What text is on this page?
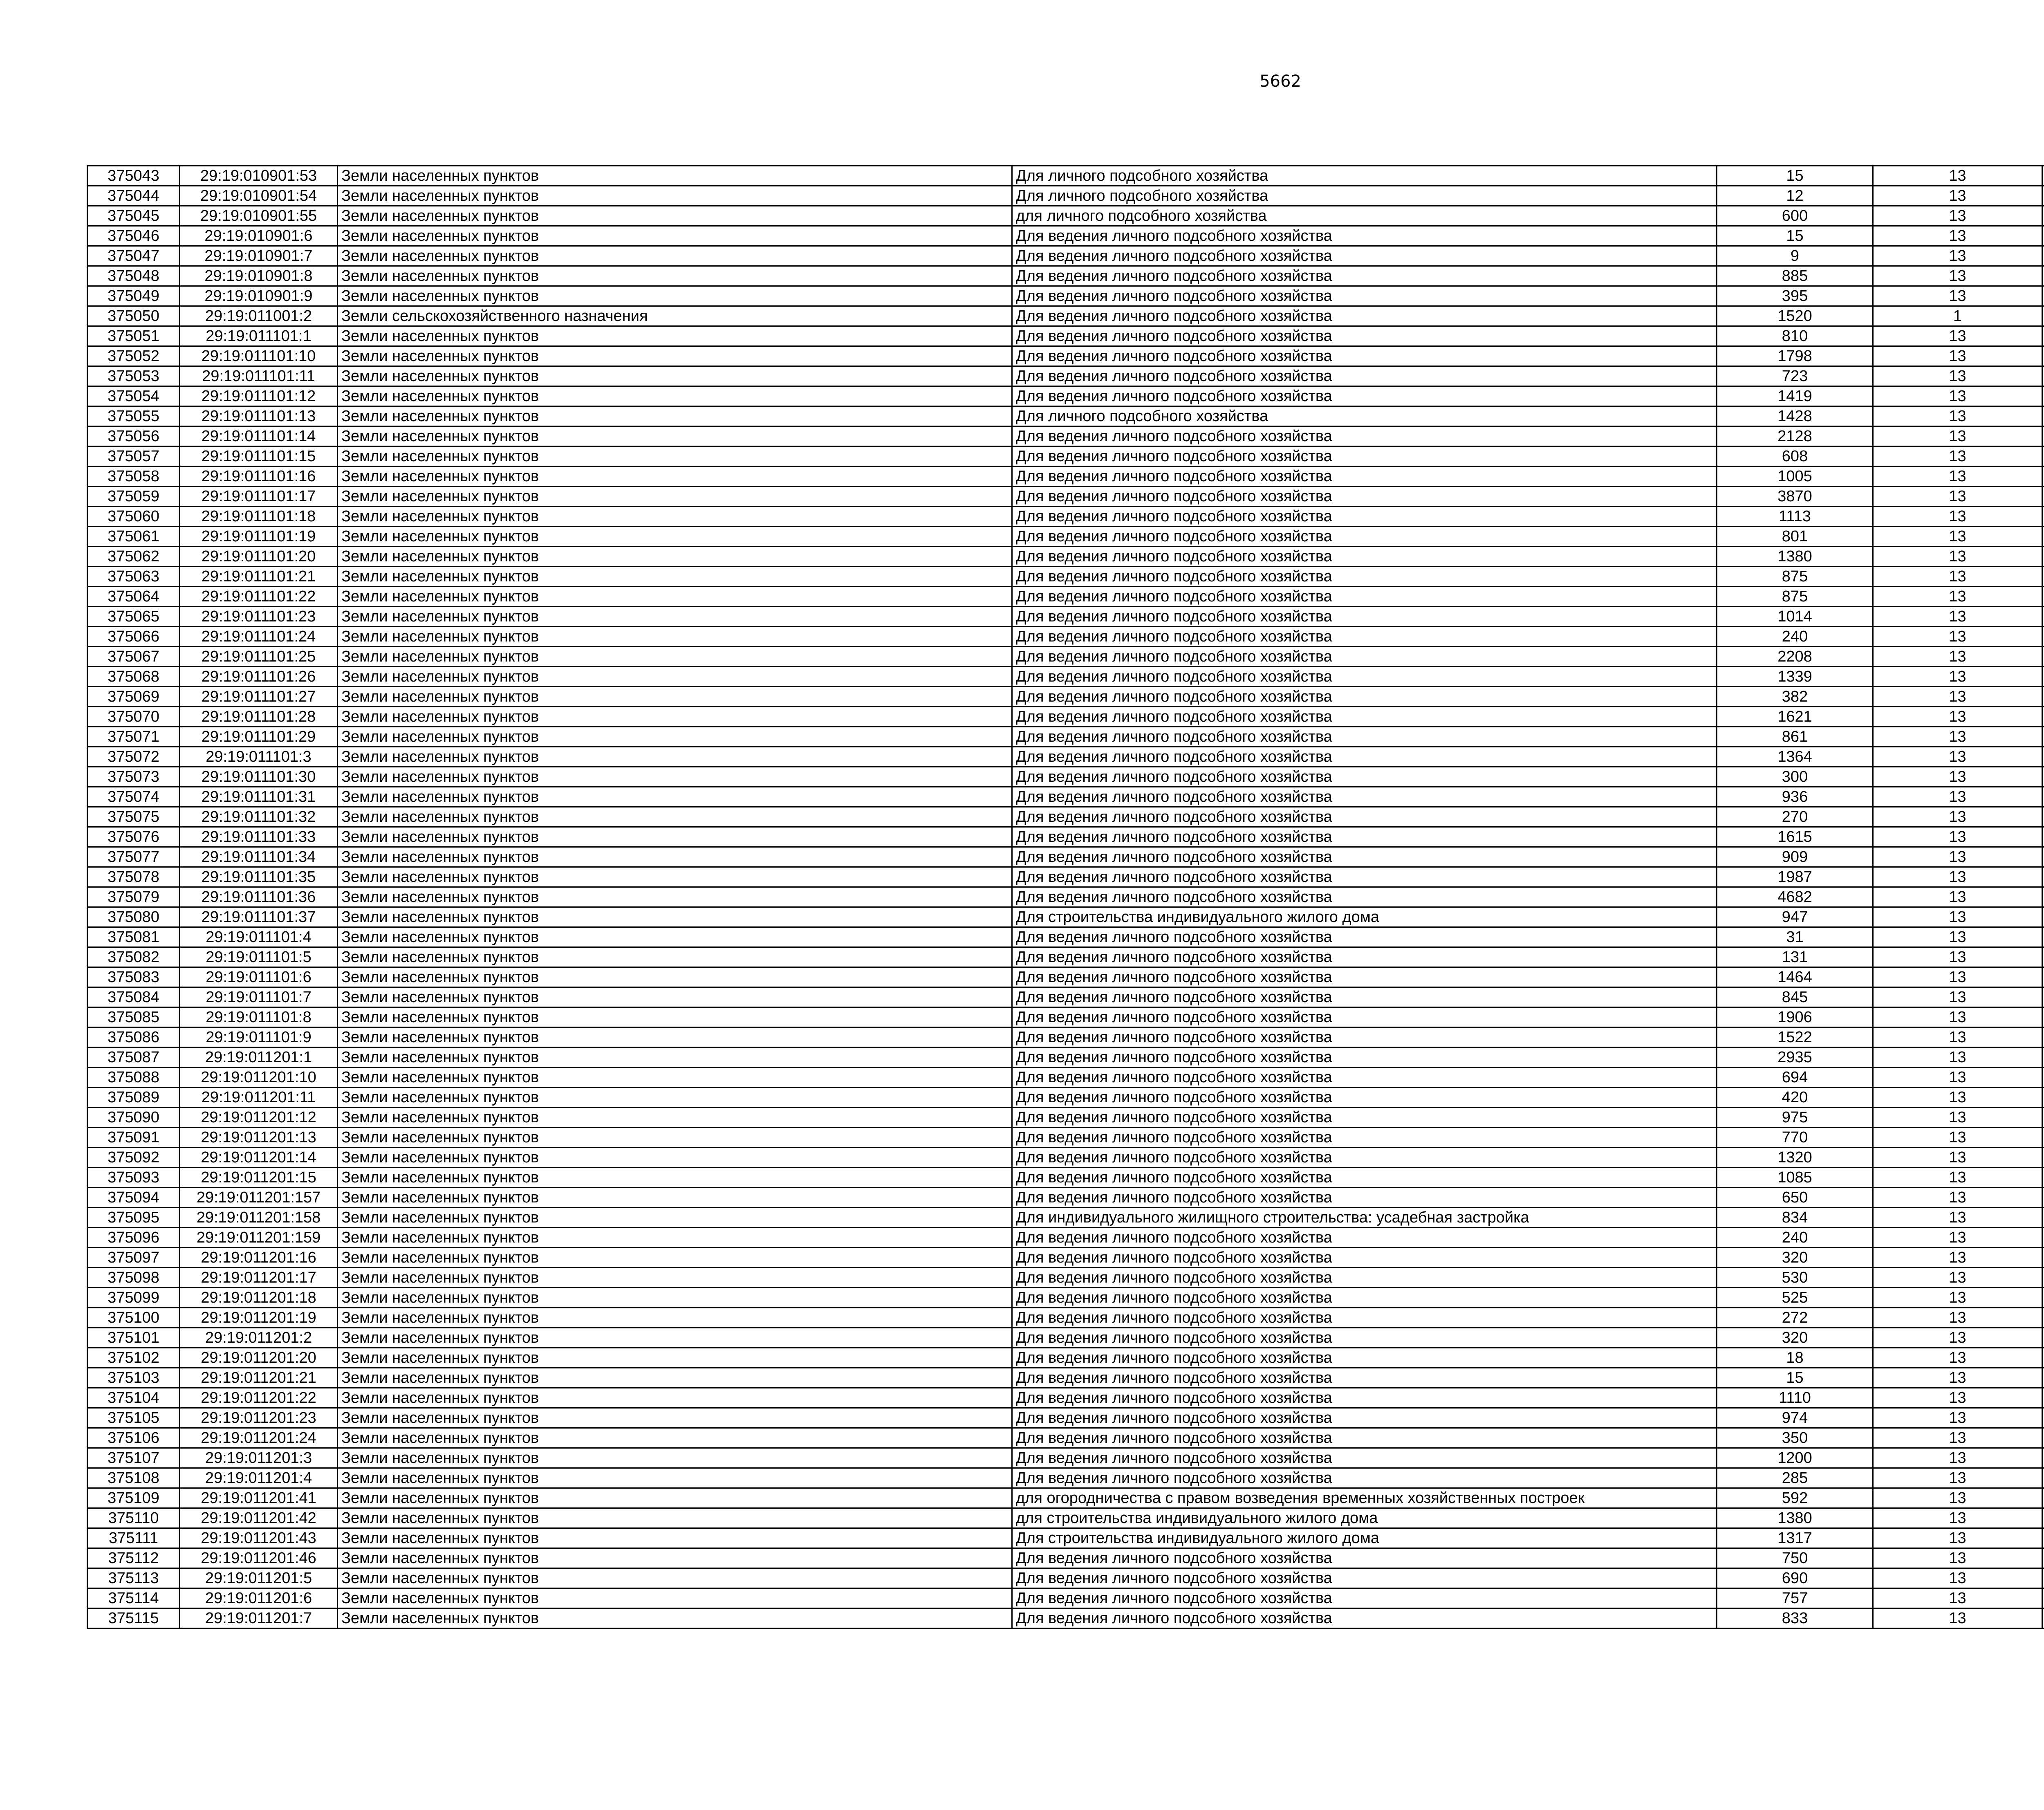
5662
375043	29:19:010901:53	Земли населенных пунктов	Для личного подсобного хозяйства	15	13		
375044	29:19:010901:54	Земли населенных пунктов	Для личного подсобного хозяйства	12	13		
375045	29:19:010901:55	Земли населенных пунктов	для личного подсобного хозяйства	600	13		
375046	29:19:010901:6	Земли населенных пунктов	Для ведения личного подсобного хозяйства	15	13		
375047	29:19:010901:7	Земли населенных пунктов	Для ведения личного подсобного хозяйства	9	13		
375048	29:19:010901:8	Земли населенных пунктов	Для ведения личного подсобного хозяйства	885	13		
375049	29:19:010901:9	Земли населенных пунктов	Для ведения личного подсобного хозяйства	395	13		
375050	29:19:011001:2	Земли сельскохозяйственного назначения	Для ведения личного подсобного хозяйства	1520	1		
375051	29:19:011101:1	Земли населенных пунктов	Для ведения личного подсобного хозяйства	810	13		
375052	29:19:011101:10	Земли населенных пунктов	Для ведения личного подсобного хозяйства	1798	13		
375053	29:19:011101:11	Земли населенных пунктов	Для ведения личного подсобного хозяйства	723	13		
375054	29:19:011101:12	Земли населенных пунктов	Для ведения личного подсобного хозяйства	1419	13		
375055	29:19:011101:13	Земли населенных пунктов	Для личного подсобного хозяйства	1428	13		
375056	29:19:011101:14	Земли населенных пунктов	Для ведения личного подсобного хозяйства	2128	13		
375057	29:19:011101:15	Земли населенных пунктов	Для ведения личного подсобного хозяйства	608	13		
375058	29:19:011101:16	Земли населенных пунктов	Для ведения личного подсобного хозяйства	1005	13		
375059	29:19:011101:17	Земли населенных пунктов	Для ведения личного подсобного хозяйства	3870	13		
375060	29:19:011101:18	Земли населенных пунктов	Для ведения личного подсобного хозяйства	1113	13		
375061	29:19:011101:19	Земли населенных пунктов	Для ведения личного подсобного хозяйства	801	13		
375062	29:19:011101:20	Земли населенных пунктов	Для ведения личного подсобного хозяйства	1380	13		
375063	29:19:011101:21	Земли населенных пунктов	Для ведения личного подсобного хозяйства	875	13		
375064	29:19:011101:22	Земли населенных пунктов	Для ведения личного подсобного хозяйства	875	13		
375065	29:19:011101:23	Земли населенных пунктов	Для ведения личного подсобного хозяйства	1014	13		
375066	29:19:011101:24	Земли населенных пунктов	Для ведения личного подсобного хозяйства	240	13		
375067	29:19:011101:25	Земли населенных пунктов	Для ведения личного подсобного хозяйства	2208	13		
375068	29:19:011101:26	Земли населенных пунктов	Для ведения личного подсобного хозяйства	1339	13		
375069	29:19:011101:27	Земли населенных пунктов	Для ведения личного подсобного хозяйства	382	13		
375070	29:19:011101:28	Земли населенных пунктов	Для ведения личного подсобного хозяйства	1621	13		
375071	29:19:011101:29	Земли населенных пунктов	Для ведения личного подсобного хозяйства	861	13		
375072	29:19:011101:3	Земли населенных пунктов	Для ведения личного подсобного хозяйства	1364	13		
375073	29:19:011101:30	Земли населенных пунктов	Для ведения личного подсобного хозяйства	300	13		
375074	29:19:011101:31	Земли населенных пунктов	Для ведения личного подсобного хозяйства	936	13		
375075	29:19:011101:32	Земли населенных пунктов	Для ведения личного подсобного хозяйства	270	13		
375076	29:19:011101:33	Земли населенных пунктов	Для ведения личного подсобного хозяйства	1615	13		
375077	29:19:011101:34	Земли населенных пунктов	Для ведения личного подсобного хозяйства	909	13		
375078	29:19:011101:35	Земли населенных пунктов	Для ведения личного подсобного хозяйства	1987	13		
375079	29:19:011101:36	Земли населенных пунктов	Для ведения личного подсобного хозяйства	4682	13		
375080	29:19:011101:37	Земли населенных пунктов	Для строительства индивидуального жилого дома	947	13		
375081	29:19:011101:4	Земли населенных пунктов	Для ведения личного подсобного хозяйства	31	13		
375082	29:19:011101:5	Земли населенных пунктов	Для ведения личного подсобного хозяйства	131	13		
375083	29:19:011101:6	Земли населенных пунктов	Для ведения личного подсобного хозяйства	1464	13		
375084	29:19:011101:7	Земли населенных пунктов	Для ведения личного подсобного хозяйства	845	13		
375085	29:19:011101:8	Земли населенных пунктов	Для ведения личного подсобного хозяйства	1906	13		
375086	29:19:011101:9	Земли населенных пунктов	Для ведения личного подсобного хозяйства	1522	13		
375087	29:19:011201:1	Земли населенных пунктов	Для ведения личного подсобного хозяйства	2935	13		
375088	29:19:011201:10	Земли населенных пунктов	Для ведения личного подсобного хозяйства	694	13		
375089	29:19:011201:11	Земли населенных пунктов	Для ведения личного подсобного хозяйства	420	13		
375090	29:19:011201:12	Земли населенных пунктов	Для ведения личного подсобного хозяйства	975	13		
375091	29:19:011201:13	Земли населенных пунктов	Для ведения личного подсобного хозяйства	770	13		
375092	29:19:011201:14	Земли населенных пунктов	Для ведения личного подсобного хозяйства	1320	13		
375093	29:19:011201:15	Земли населенных пунктов	Для ведения личного подсобного хозяйства	1085	13		
375094	29:19:011201:157	Земли населенных пунктов	Для ведения личного подсобного хозяйства	650	13		
375095	29:19:011201:158	Земли населенных пунктов	Для индивидуального жилищного строительства: усадебная застройка	834	13		
375096	29:19:011201:159	Земли населенных пунктов	Для ведения личного подсобного хозяйства	240	13		
375097	29:19:011201:16	Земли населенных пунктов	Для ведения личного подсобного хозяйства	320	13		
375098	29:19:011201:17	Земли населенных пунктов	Для ведения личного подсобного хозяйства	530	13		
375099	29:19:011201:18	Земли населенных пунктов	Для ведения личного подсобного хозяйства	525	13		
375100	29:19:011201:19	Земли населенных пунктов	Для ведения личного подсобного хозяйства	272	13		
375101	29:19:011201:2	Земли населенных пунктов	Для ведения личного подсобного хозяйства	320	13		
375102	29:19:011201:20	Земли населенных пунктов	Для ведения личного подсобного хозяйства	18	13		
375103	29:19:011201:21	Земли населенных пунктов	Для ведения личного подсобного хозяйства	15	13		
375104	29:19:011201:22	Земли населенных пунктов	Для ведения личного подсобного хозяйства	1110	13		
375105	29:19:011201:23	Земли населенных пунктов	Для ведения личного подсобного хозяйства	974	13		
375106	29:19:011201:24	Земли населенных пунктов	Для ведения личного подсобного хозяйства	350	13		
375107	29:19:011201:3	Земли населенных пунктов	Для ведения личного подсобного хозяйства	1200	13		
375108	29:19:011201:4	Земли населенных пунктов	Для ведения личного подсобного хозяйства	285	13		
375109	29:19:011201:41	Земли населенных пунктов	для огородничества с правом возведения временных хозяйственных построек	592	13		
375110	29:19:011201:42	Земли населенных пунктов	для строительства индивидуального жилого дома	1380	13		
375111	29:19:011201:43	Земли населенных пунктов	Для строительства индивидуального жилого дома	1317	13		
375112	29:19:011201:46	Земли населенных пунктов	Для ведения личного подсобного хозяйства	750	13		
375113	29:19:011201:5	Земли населенных пунктов	Для ведения личного подсобного хозяйства	690	13		
375114	29:19:011201:6	Земли населенных пунктов	Для ведения личного подсобного хозяйства	757	13		
375115	29:19:011201:7	Земли населенных пунктов	Для ведения личного подсобного хозяйства	833	13		
